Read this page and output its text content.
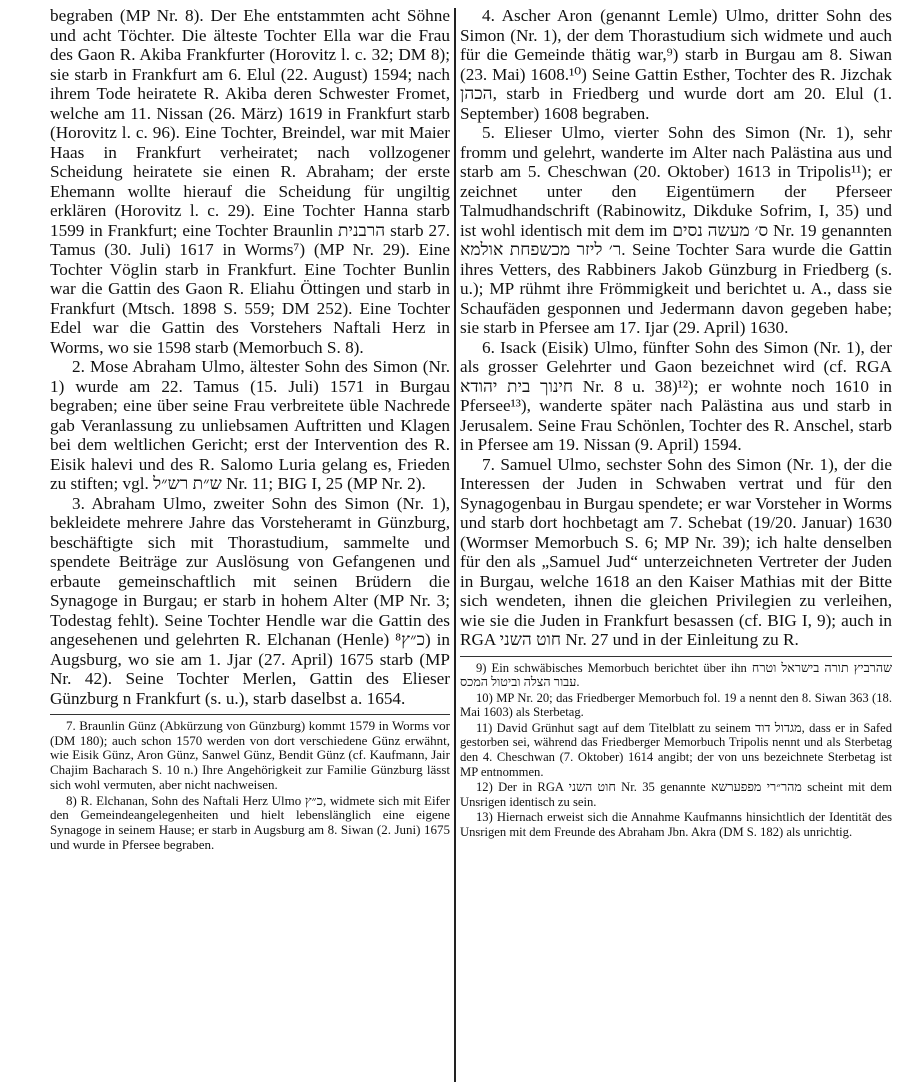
begraben (MP Nr. 8). Der Ehe entstammten acht Söhne und acht Töchter. Die älteste Tochter Ella war die Frau des Gaon R. Akiba Frankfurter (Horovitz l. c. 32; DM 8); sie starb in Frankfurt am 6. Elul (22. August) 1594; nach ihrem Tode heiratete R. Akiba deren Schwester Fromet, welche am 11. Nissan (26. März) 1619 in Frankfurt starb (Horovitz l. c. 96). Eine Tochter, Breindel, war mit Maier Haas in Frankfurt verheiratet; nach vollzogener Scheidung heiratete sie einen R. Abraham; der erste Ehemann wollte hierauf die Scheidung für ungiltig erklären (Horovitz l. c. 29). Eine Tochter Hanna starb 1599 in Frankfurt; eine Tochter Braunlin הרבנית starb 27. Tamus (30. Juli) 1617 in Worms⁷) (MP Nr. 29). Eine Tochter Vöglin starb in Frankfurt. Eine Tochter Bunlin war die Gattin des Gaon R. Eliahu Öttingen und starb in Frankfurt (Mtsch. 1898 S. 559; DM 252). Eine Tochter Edel war die Gattin des Vorstehers Naftali Herz in Worms, wo sie 1598 starb (Memorbuch S. 8).

2. Mose Abraham Ulmo, ältester Sohn des Simon (Nr. 1) wurde am 22. Tamus (15. Juli) 1571 in Burgau begraben; eine über seine Frau verbreitete üble Nachrede gab Veranlassung zu unliebsamen Auftritten und Klagen bei dem weltlichen Gericht; erst der Intervention des R. Eisik halevi und des R. Salomo Luria gelang es, Frieden zu stiften; vgl. ש״ת רש״ל Nr. 11; BIG I, 25 (MP Nr. 2).

3. Abraham Ulmo, zweiter Sohn des Simon (Nr. 1), bekleidete mehrere Jahre das Vorsteheramt in Günzburg, beschäftigte sich mit Thorastudium, sammelte und spendete Beiträge zur Auslösung von Gefangenen und erbaute gemeinschaftlich mit seinen Brüdern die Synagoge in Burgau; er starb in hohem Alter (MP Nr. 3; Todestag fehlt). Seine Tochter Hendle war die Gattin des angesehenen und gelehrten R. Elchanan (Henle) כ״ץ⁸) in Augsburg, wo sie am 1. Jjar (27. April) 1675 starb (MP Nr. 42). Seine Tochter Merlen, Gattin des Elieser Günzburg n Frankfurt (s. u.), starb daselbst a. 1654.

7. Braunlin Günz (Abkürzung von Günzburg) kommt 1579 in Worms vor (DM 180); auch schon 1570 werden von dort verschiedene Günz erwähnt, wie Eisik Günz, Aron Günz, Sanwel Günz, Bendit Günz (cf. Kaufmann, Jair Chajim Bacharach S. 10 n.) Ihre Angehörigkeit zur Familie Günzburg lässt sich wohl vermuten, aber nicht nachweisen.

8) R. Elchanan, Sohn des Naftali Herz Ulmo כ״ץ, widmete sich mit Eifer den Gemeindeangelegenheiten und hielt lebenslänglich eine eigene Synagoge in seinem Hause; er starb in Augsburg am 8. Siwan (2. Juni) 1675 und wurde in Pfersee begraben.

4. Ascher Aron (genannt Lemle) Ulmo, dritter Sohn des Simon (Nr. 1), der dem Thorastudium sich widmete und auch für die Gemeinde thätig war,⁹) starb in Burgau am 8. Siwan (23. Mai) 1608.¹⁰) Seine Gattin Esther, Tochter des R. Jizchak הכהן, starb in Friedberg und wurde dort am 20. Elul (1. September) 1608 begraben.

5. Elieser Ulmo, vierter Sohn des Simon (Nr. 1), sehr fromm und gelehrt, wanderte im Alter nach Palästina aus und starb am 5. Cheschwan (20. Oktober) 1613 in Tripolis¹¹); er zeichnet unter den Eigentümern der Pferseer Talmudhandschrift (Rabinowitz, Dikduke Sofrim, I, 35) und ist wohl identisch mit dem im ס׳ מעשה נסים Nr. 19 genannten ר׳ ליזר מכשפחת אולמא. Seine Tochter Sara wurde die Gattin ihres Vetters, des Rabbiners Jakob Günzburg in Friedberg (s. u.); MP rühmt ihre Frömmigkeit und berichtet u. A., dass sie Schaufäden gesponnen und Jedermann davon gegeben habe; sie starb in Pfersee am 17. Ijar (29. April) 1630.

6. Isack (Eisik) Ulmo, fünfter Sohn des Simon (Nr. 1), der als grosser Gelehrter und Gaon bezeichnet wird (cf. RGA חינוך בית יהודא Nr. 8 u. 38)¹²); er wohnte noch 1610 in Pfersee¹³), wanderte später nach Palästina aus und starb in Jerusalem. Seine Frau Schönlen, Tochter des R. Anschel, starb in Pfersee am 19. Nissan (9. April) 1594.

7. Samuel Ulmo, sechster Sohn des Simon (Nr. 1), der die Interessen der Juden in Schwaben vertrat und für den Synagogenbau in Burgau spendete; er war Vorsteher in Worms und starb dort hochbetagt am 7. Schebat (19/20. Januar) 1630 (Wormser Memorbuch S. 6; MP Nr. 39); ich halte denselben für den als „Samuel Jud“ unterzeichneten Vertreter der Juden in Burgau, welche 1618 an den Kaiser Mathias mit der Bitte sich wendeten, ihnen die gleichen Privilegien zu verleihen, wie sie die Juden in Frankfurt besassen (cf. BIG I, 9); auch in RGA חוט השני Nr. 27 und in der Einleitung zu R.

9) Ein schwäbisches Memorbuch berichtet über ihn שהרביץ תורה בישראל וטרח עבור הצלה וביטול המכס.

10) MP Nr. 20; das Friedberger Memorbuch fol. 19 a nennt den 8. Siwan 363 (18. Mai 1603) als Sterbetag.

11) David Grünhut sagt auf dem Titelblatt zu seinem מגדול דוד, dass er in Safed gestorben sei, während das Friedberger Memorbuch Tripolis nennt und als Sterbetag den 4. Cheschwan (7. Oktober) 1614 angibt; der von uns bezeichnete Sterbetag ist MP entnommen.

12) Der in RGA חוט השני Nr. 35 genannte מהר״רי מפפערשא scheint mit dem Unsrigen identisch zu sein.

13) Hiernach erweist sich die Annahme Kaufmanns hinsichtlich der Identität des Unsrigen mit dem Freunde des Abraham Jbn. Akra (DM S. 182) als unrichtig.
